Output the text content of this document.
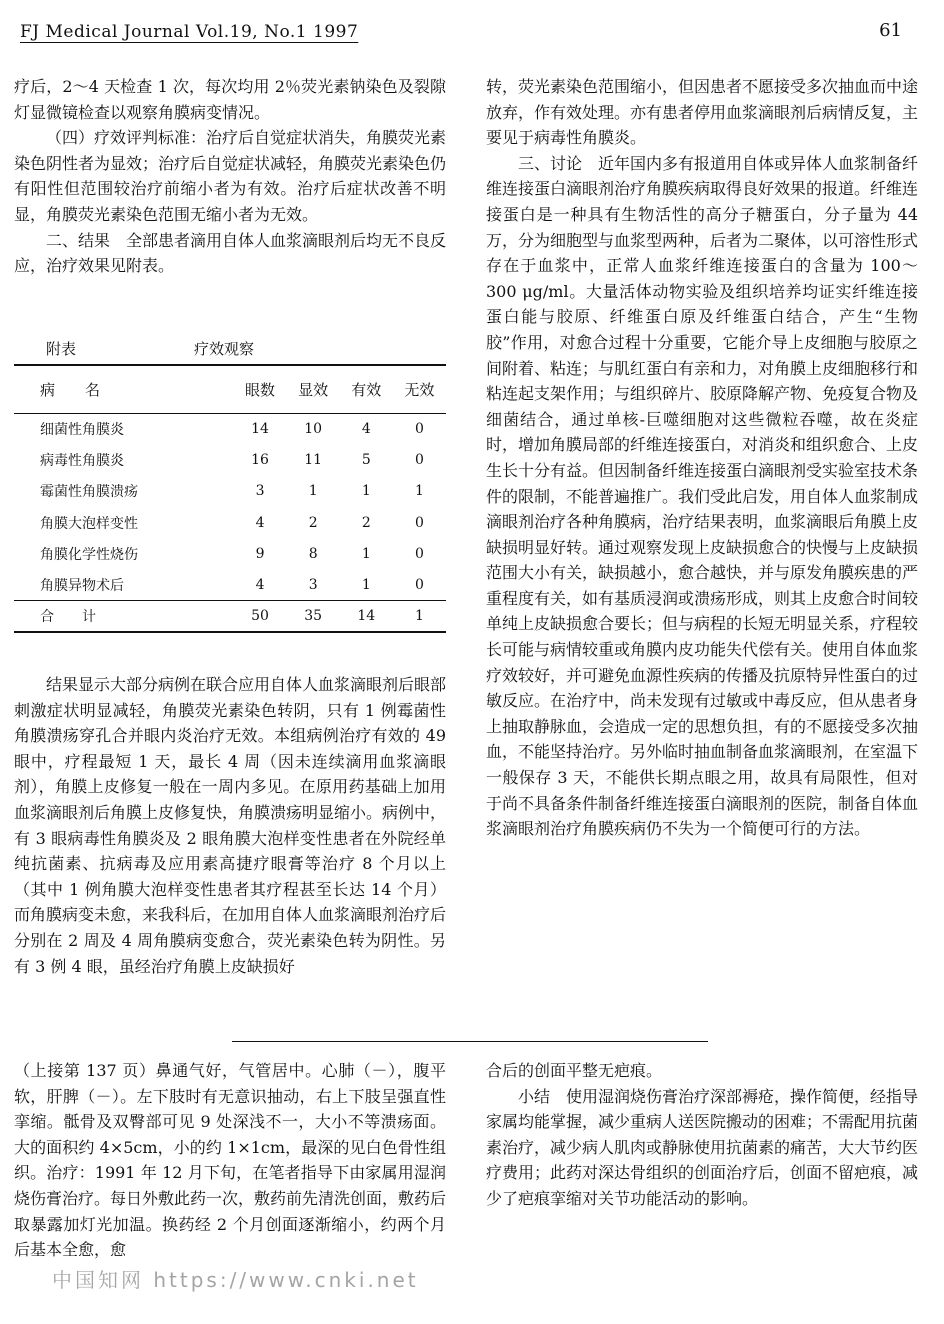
FJ Medical Journal Vol.19, No.1 1997	61

疗后，2～4 天检查 1 次，每次均用 2％荧光素钠染色及裂隙灯显微镜检查以观察角膜病变情况。

（四）疗效评判标准：治疗后自觉症状消失，角膜荧光素染色阴性者为显效；治疗后自觉症状减轻，角膜荧光素染色仍有阳性但范围较治疗前缩小者为有效。治疗后症状改善不明显，角膜荧光素染色范围无缩小者为无效。

二、结果　全部患者滴用自体人血浆滴眼剂后均无不良反应，治疗效果见附表。

附表	疗效观察
病　　名	眼数	显效	有效	无效
细菌性角膜炎	14	10	4	0
病毒性角膜炎	16	11	5	0
霉菌性角膜溃疡	3	1	1	1
角膜大泡样变性	4	2	2	0
角膜化学性烧伤	9	8	1	0
角膜异物术后	4	3	1	0
合　　计	50	35	14	1

结果显示大部分病例在联合应用自体人血浆滴眼剂后眼部刺激症状明显减轻，角膜荧光素染色转阴，只有 1 例霉菌性角膜溃疡穿孔合并眼内炎治疗无效。本组病例治疗有效的 49 眼中，疗程最短 1 天，最长 4 周（因未连续滴用血浆滴眼剂），角膜上皮修复一般在一周内多见。在原用药基础上加用血浆滴眼剂后角膜上皮修复快，角膜溃疡明显缩小。病例中，有 3 眼病毒性角膜炎及 2 眼角膜大泡样变性患者在外院经单纯抗菌素、抗病毒及应用素高捷疗眼膏等治疗 8 个月以上（其中 1 例角膜大泡样变性患者其疗程甚至长达 14 个月）而角膜病变未愈，来我科后，在加用自体人血浆滴眼剂治疗后分别在 2 周及 4 周角膜病变愈合，荧光素染色转为阴性。另有 3 例 4 眼，虽经治疗角膜上皮缺损好

转，荧光素染色范围缩小，但因患者不愿接受多次抽血而中途放弃，作有效处理。亦有患者停用血浆滴眼剂后病情反复，主要见于病毒性角膜炎。

三、讨论　近年国内多有报道用自体或异体人血浆制备纤维连接蛋白滴眼剂治疗角膜疾病取得良好效果的报道。纤维连接蛋白是一种具有生物活性的高分子糖蛋白，分子量为 44 万，分为细胞型与血浆型两种，后者为二聚体，以可溶性形式存在于血浆中，正常人血浆纤维连接蛋白的含量为 100～300 μg/ml。大量活体动物实验及组织培养均证实纤维连接蛋白能与胶原、纤维蛋白原及纤维蛋白结合，产生“生物胶”作用，对愈合过程十分重要，它能介导上皮细胞与胶原之间附着、粘连；与肌红蛋白有亲和力，对角膜上皮细胞移行和粘连起支架作用；与组织碎片、胶原降解产物、免疫复合物及细菌结合，通过单核-巨噬细胞对这些微粒吞噬，故在炎症时，增加角膜局部的纤维连接蛋白，对消炎和组织愈合、上皮生长十分有益。但因制备纤维连接蛋白滴眼剂受实验室技术条件的限制，不能普遍推广。我们受此启发，用自体人血浆制成滴眼剂治疗各种角膜病，治疗结果表明，血浆滴眼后角膜上皮缺损明显好转。通过观察发现上皮缺损愈合的快慢与上皮缺损范围大小有关，缺损越小，愈合越快，并与原发角膜疾患的严重程度有关，如有基质浸润或溃疡形成，则其上皮愈合时间较单纯上皮缺损愈合要长；但与病程的长短无明显关系，疗程较长可能与病情较重或角膜内皮功能失代偿有关。使用自体血浆疗效较好，并可避免血源性疾病的传播及抗原特异性蛋白的过敏反应。在治疗中，尚未发现有过敏或中毒反应，但从患者身上抽取静脉血，会造成一定的思想负担，有的不愿接受多次抽血，不能坚持治疗。另外临时抽血制备血浆滴眼剂，在室温下一般保存 3 天，不能供长期点眼之用，故具有局限性，但对于尚不具备条件制备纤维连接蛋白滴眼剂的医院，制备自体血浆滴眼剂治疗角膜疾病仍不失为一个简便可行的方法。

（上接第 137 页）鼻通气好，气管居中。心肺（－），腹平软，肝脾（－）。左下肢时有无意识抽动，右上下肢呈强直性挛缩。骶骨及双臀部可见 9 处深浅不一，大小不等溃疡面。大的面积约 4×5cm，小的约 1×1cm，最深的见白色骨性组织。治疗：1991 年 12 月下旬，在笔者指导下由家属用湿润烧伤膏治疗。每日外敷此药一次，敷药前先清洗创面，敷药后取暴露加灯光加温。换药经 2 个月创面逐渐缩小，约两个月后基本全愈，愈

合后的创面平整无疤痕。

小结　使用湿润烧伤膏治疗深部褥疮，操作简便，经指导家属均能掌握，减少重病人送医院搬动的困难；不需配用抗菌素治疗，减少病人肌肉或静脉使用抗菌素的痛苦，大大节约医疗费用；此药对深达骨组织的创面治疗后，创面不留疤痕，减少了疤痕挛缩对关节功能活动的影响。

中国知网 https://www.cnki.net
